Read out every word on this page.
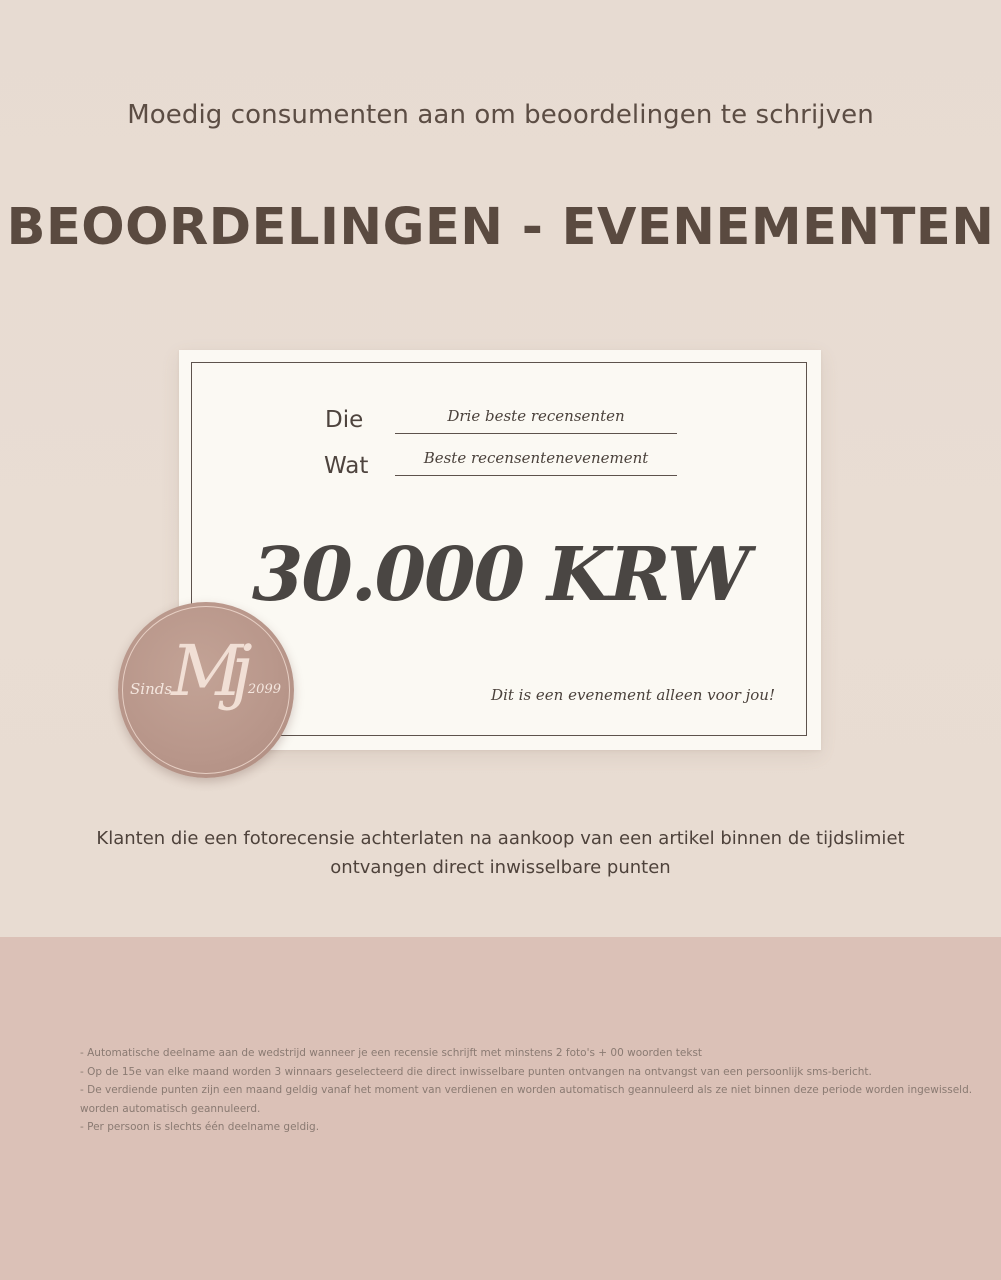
Moedig consumenten aan om beoordelingen te schrijven
BEOORDELINGEN - EVENEMENTEN
Die	Drie beste recensenten
Wat	Beste recensentenevenement
30.000 KRW
Dit is een evenement alleen voor jou!
Mj
Sinds	2099
Klanten die een fotorecensie achterlaten na aankoop van een artikel binnen de tijdslimiet
ontvangen direct inwisselbare punten
- Automatische deelname aan de wedstrijd wanneer je een recensie schrijft met minstens 2 foto's + 00 woorden tekst
- Op de 15e van elke maand worden 3 winnaars geselecteerd die direct inwisselbare punten ontvangen na ontvangst van een persoonlijk sms-bericht.
- De verdiende punten zijn een maand geldig vanaf het moment van verdienen en worden automatisch geannuleerd als ze niet binnen deze periode worden ingewisseld.
worden automatisch geannuleerd.
- Per persoon is slechts één deelname geldig.
